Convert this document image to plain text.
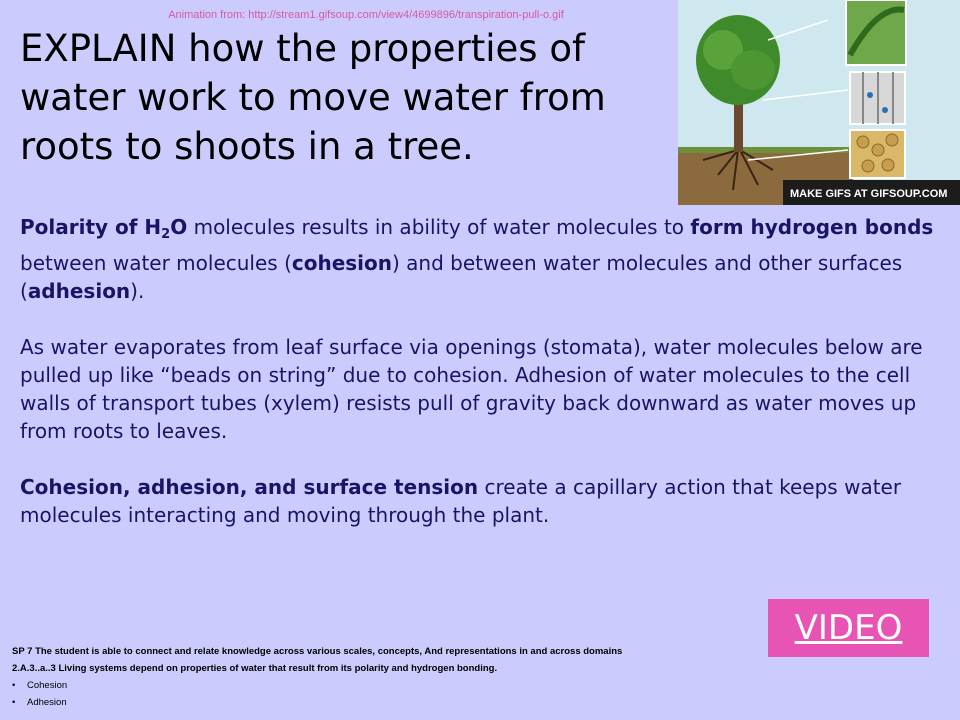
Animation from: http://stream1.gifsoup.com/view4/4699896/transpiration-pull-o.gif
EXPLAIN how the properties of water work to move water from roots to shoots in a tree.
MAKE GIFS AT GIFSOUP.COM

Polarity of $H_2O$ molecules results in ability of water molecules to form hydrogen bonds between water molecules (cohesion) and between water molecules and other surfaces (adhesion).

As water evaporates from leaf surface via openings (stomata), water molecules below are pulled up like “beads on string” due to cohesion. Adhesion of water molecules to the cell walls of transport tubes (xylem) resists pull of gravity back downward as water moves up from roots to leaves.

Cohesion, adhesion, and surface tension create a capillary action that keeps water molecules interacting and moving through the plant.

VIDEO

SP 7 The student is able to connect and relate knowledge across various scales, concepts, And representations in and across domains

2.A.3..a..3 Living systems depend on properties of water that result from its polarity and hydrogen bonding.

• Cohesion
• Adhesion
